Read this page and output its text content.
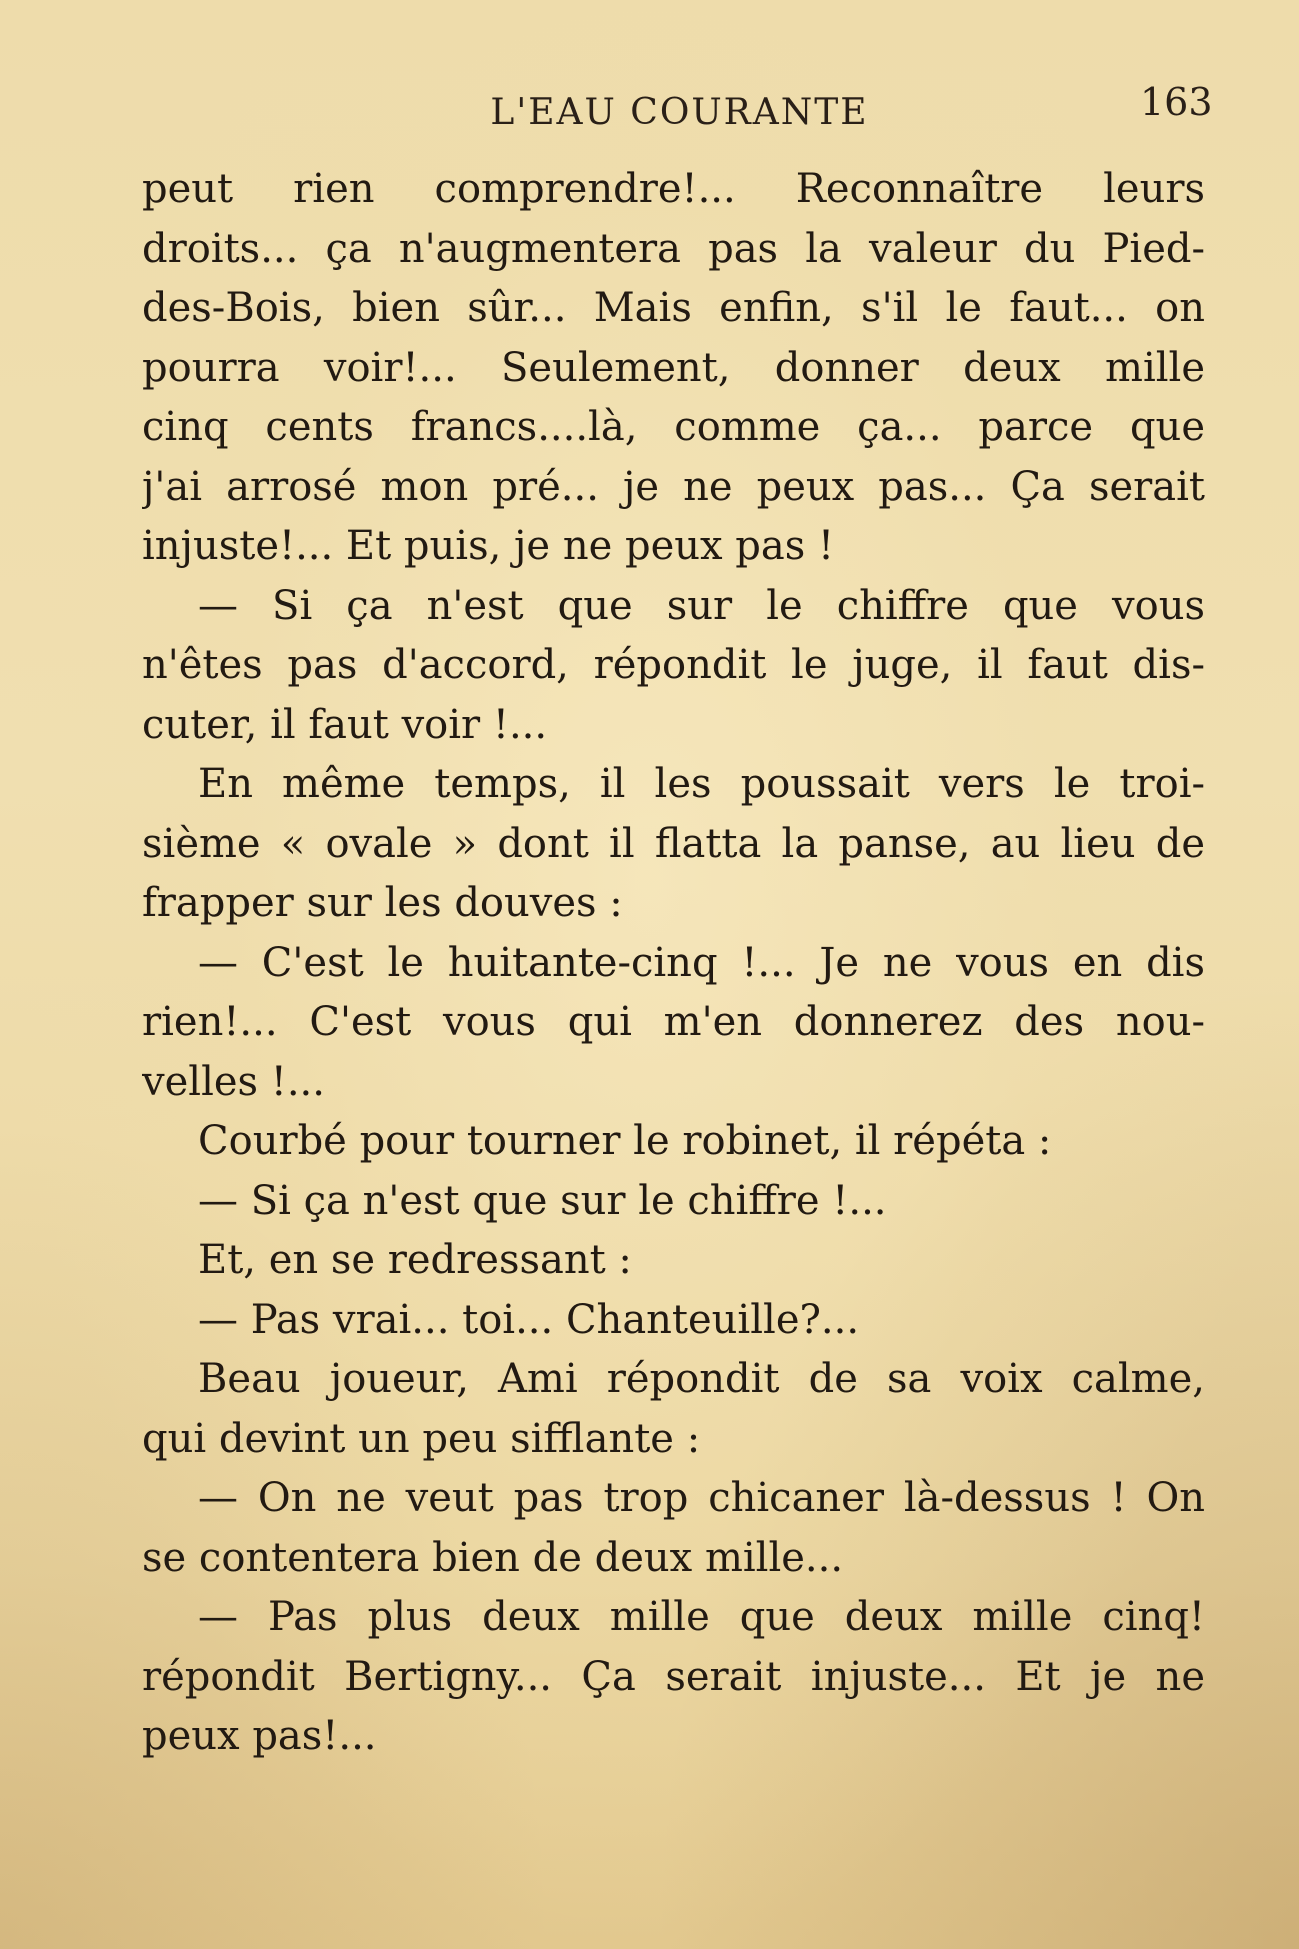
L'EAU COURANTE	163
peut rien comprendre!... Reconnaître leurs
droits... ça n'augmentera pas la valeur du Pied-
des-Bois, bien sûr... Mais enfin, s'il le faut... on
pourra voir!... Seulement, donner deux mille
cinq cents francs....là, comme ça... parce que
j'ai arrosé mon pré... je ne peux pas... Ça serait
injuste!... Et puis, je ne peux pas !
— Si ça n'est que sur le chiffre que vous
n'êtes pas d'accord, répondit le juge, il faut dis-
cuter, il faut voir !...
En même temps, il les poussait vers le troi-
sième « ovale » dont il flatta la panse, au lieu de
frapper sur les douves :
— C'est le huitante-cinq !... Je ne vous en dis
rien!... C'est vous qui m'en donnerez des nou-
velles !...
Courbé pour tourner le robinet, il répéta :
— Si ça n'est que sur le chiffre !...
Et, en se redressant :
— Pas vrai... toi... Chanteuille?...
Beau joueur, Ami répondit de sa voix calme,
qui devint un peu sifflante :
— On ne veut pas trop chicaner là-dessus ! On
se contentera bien de deux mille...
— Pas plus deux mille que deux mille cinq!
répondit Bertigny... Ça serait injuste... Et je ne
peux pas!...
